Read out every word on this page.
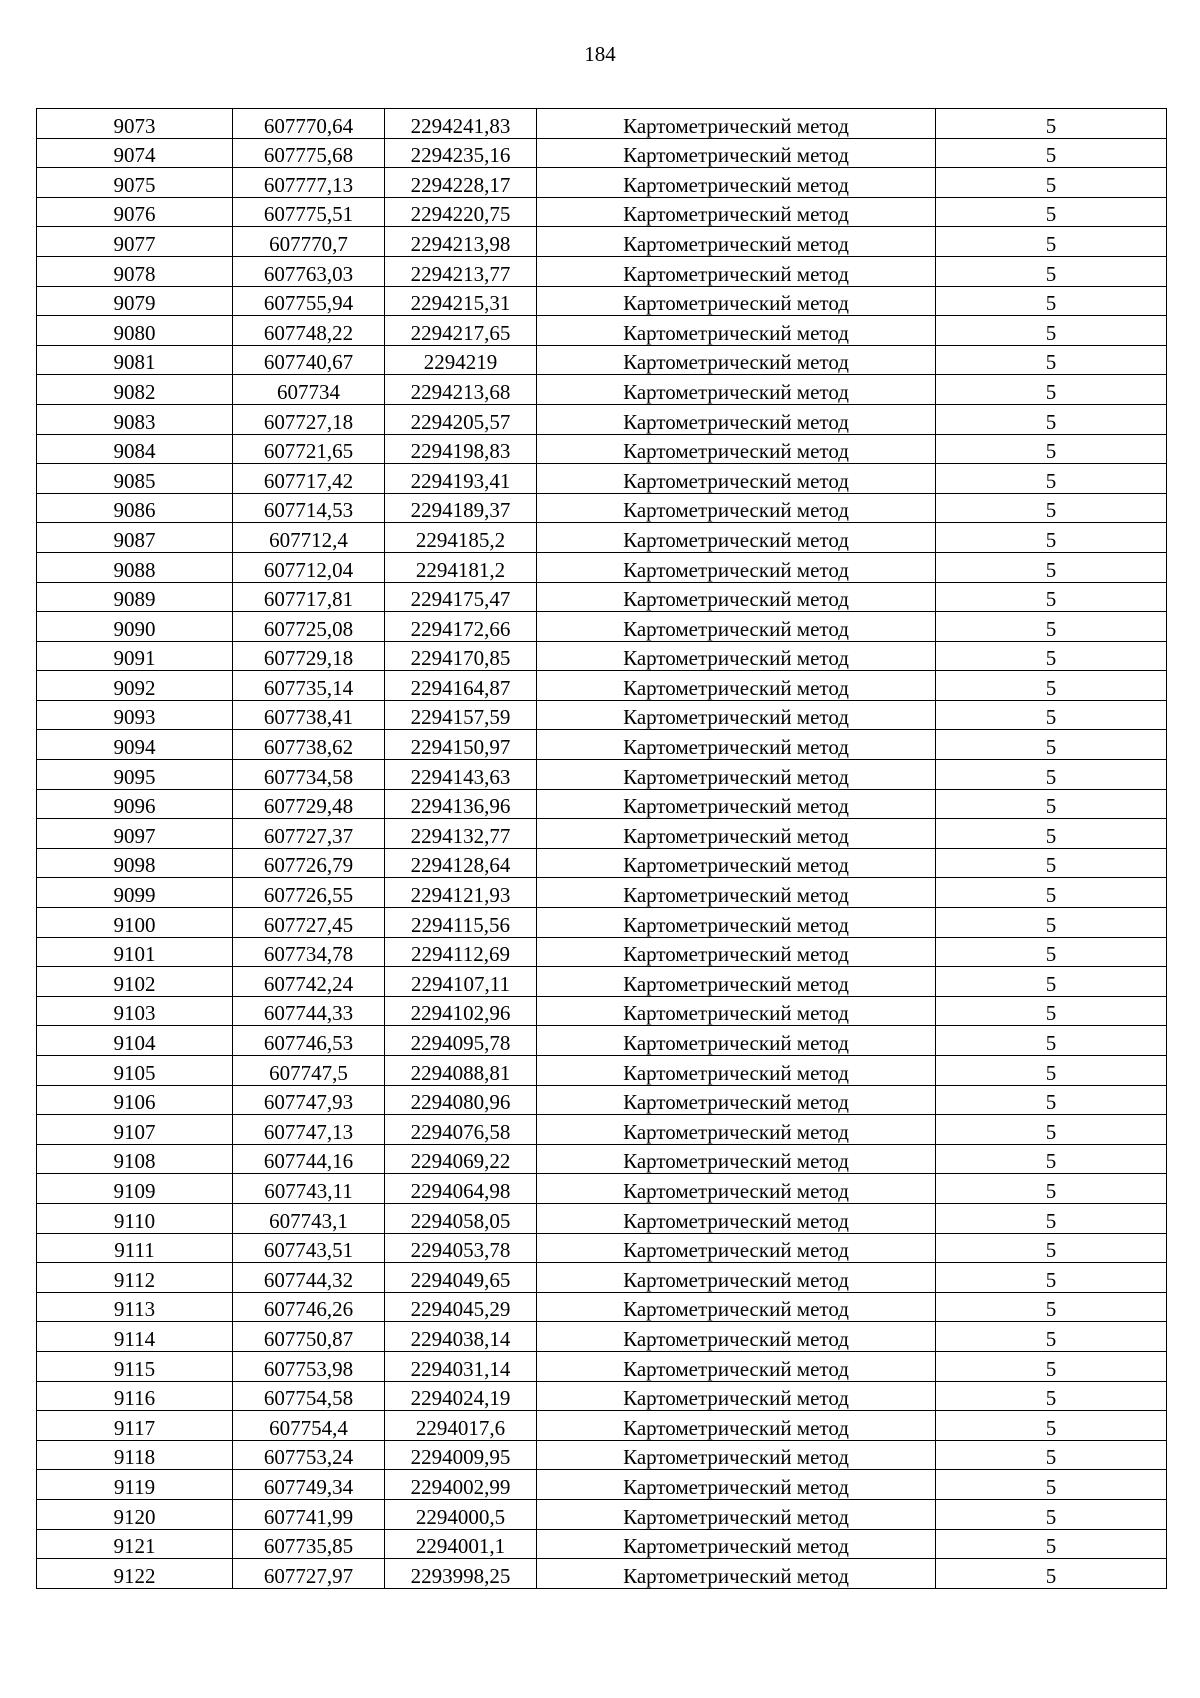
184
9073	607770,64	2294241,83	Картометрический метод	5
9074	607775,68	2294235,16	Картометрический метод	5
9075	607777,13	2294228,17	Картометрический метод	5
9076	607775,51	2294220,75	Картометрический метод	5
9077	607770,7	2294213,98	Картометрический метод	5
9078	607763,03	2294213,77	Картометрический метод	5
9079	607755,94	2294215,31	Картометрический метод	5
9080	607748,22	2294217,65	Картометрический метод	5
9081	607740,67	2294219	Картометрический метод	5
9082	607734	2294213,68	Картометрический метод	5
9083	607727,18	2294205,57	Картометрический метод	5
9084	607721,65	2294198,83	Картометрический метод	5
9085	607717,42	2294193,41	Картометрический метод	5
9086	607714,53	2294189,37	Картометрический метод	5
9087	607712,4	2294185,2	Картометрический метод	5
9088	607712,04	2294181,2	Картометрический метод	5
9089	607717,81	2294175,47	Картометрический метод	5
9090	607725,08	2294172,66	Картометрический метод	5
9091	607729,18	2294170,85	Картометрический метод	5
9092	607735,14	2294164,87	Картометрический метод	5
9093	607738,41	2294157,59	Картометрический метод	5
9094	607738,62	2294150,97	Картометрический метод	5
9095	607734,58	2294143,63	Картометрический метод	5
9096	607729,48	2294136,96	Картометрический метод	5
9097	607727,37	2294132,77	Картометрический метод	5
9098	607726,79	2294128,64	Картометрический метод	5
9099	607726,55	2294121,93	Картометрический метод	5
9100	607727,45	2294115,56	Картометрический метод	5
9101	607734,78	2294112,69	Картометрический метод	5
9102	607742,24	2294107,11	Картометрический метод	5
9103	607744,33	2294102,96	Картометрический метод	5
9104	607746,53	2294095,78	Картометрический метод	5
9105	607747,5	2294088,81	Картометрический метод	5
9106	607747,93	2294080,96	Картометрический метод	5
9107	607747,13	2294076,58	Картометрический метод	5
9108	607744,16	2294069,22	Картометрический метод	5
9109	607743,11	2294064,98	Картометрический метод	5
9110	607743,1	2294058,05	Картометрический метод	5
9111	607743,51	2294053,78	Картометрический метод	5
9112	607744,32	2294049,65	Картометрический метод	5
9113	607746,26	2294045,29	Картометрический метод	5
9114	607750,87	2294038,14	Картометрический метод	5
9115	607753,98	2294031,14	Картометрический метод	5
9116	607754,58	2294024,19	Картометрический метод	5
9117	607754,4	2294017,6	Картометрический метод	5
9118	607753,24	2294009,95	Картометрический метод	5
9119	607749,34	2294002,99	Картометрический метод	5
9120	607741,99	2294000,5	Картометрический метод	5
9121	607735,85	2294001,1	Картометрический метод	5
9122	607727,97	2293998,25	Картометрический метод	5
